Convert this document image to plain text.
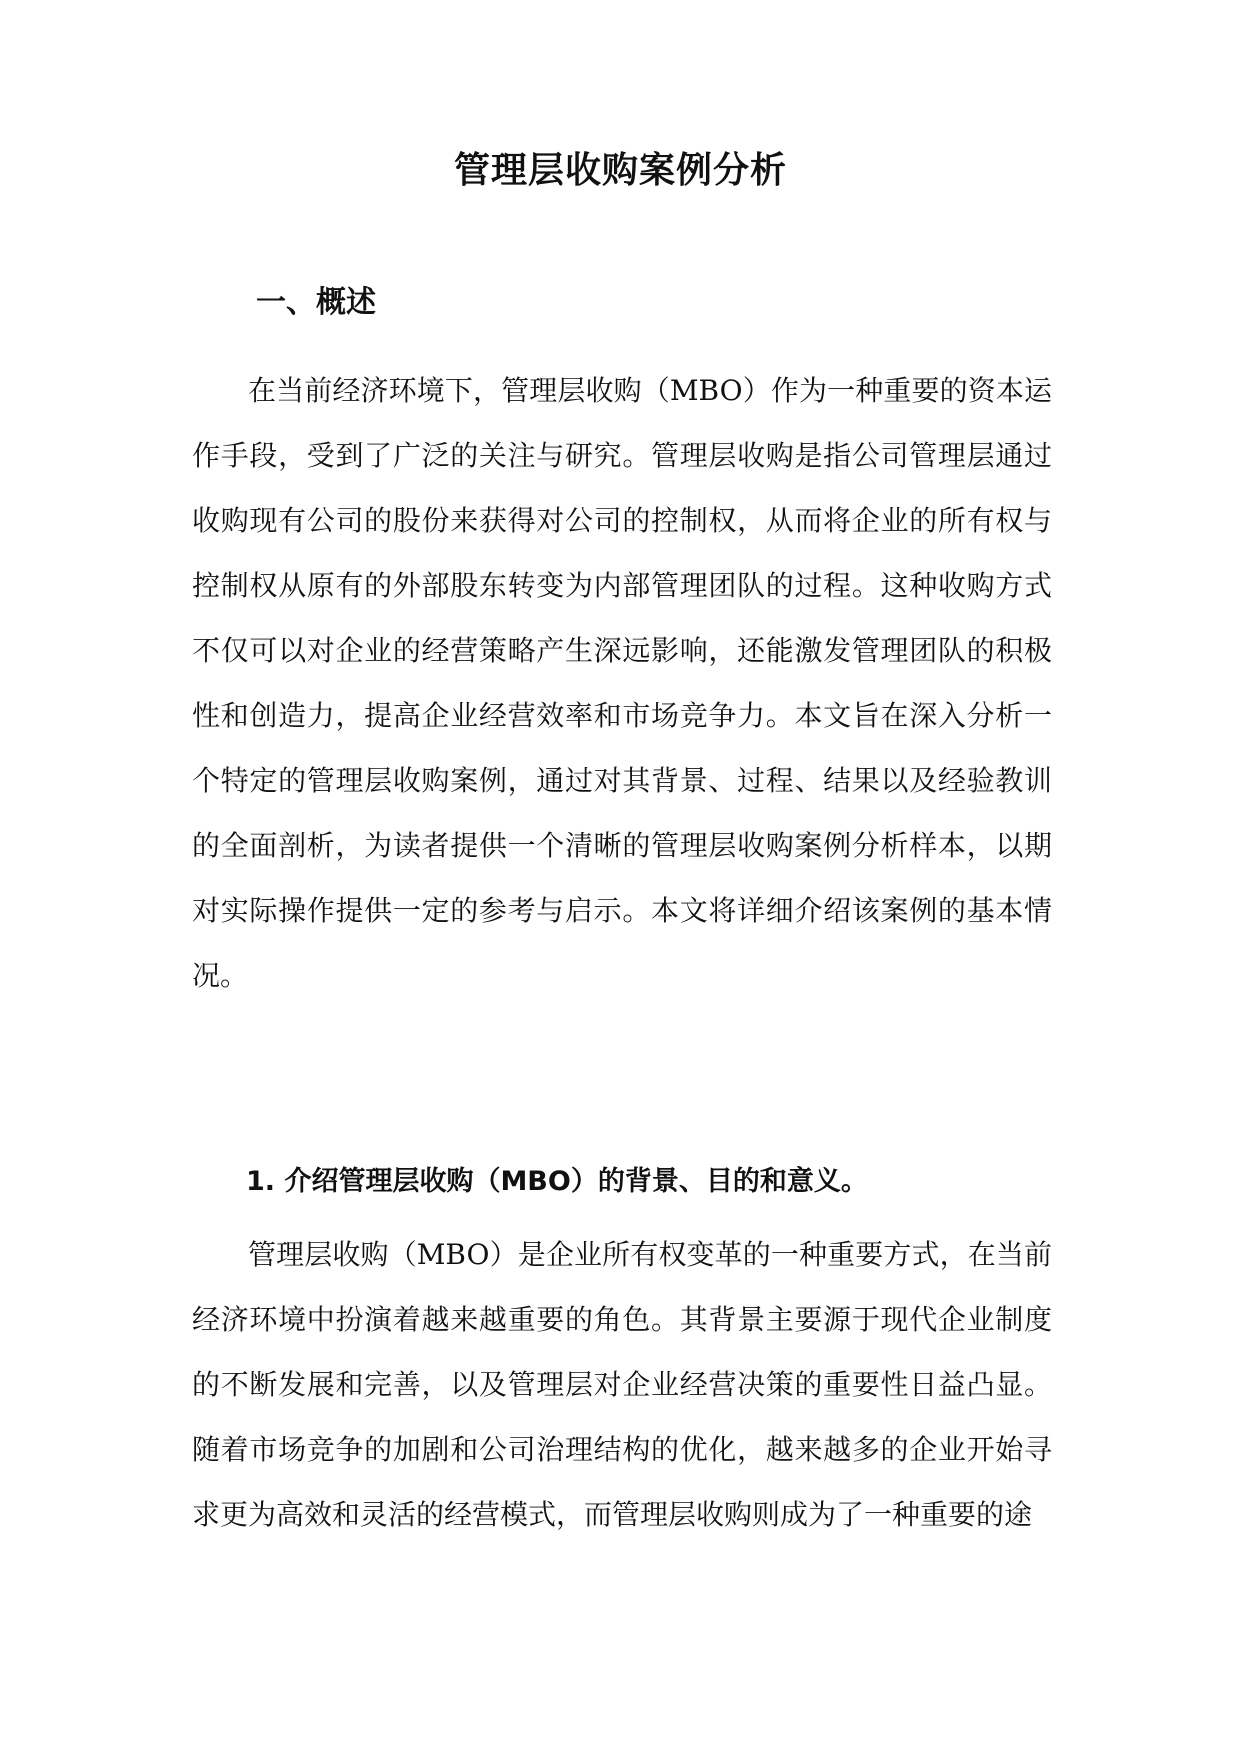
管理层收购案例分析
一、概述

在当前经济环境下，管理层收购（MBO）作为一种重要的资本运作手段，受到了广泛的关注与研究。管理层收购是指公司管理层通过收购现有公司的股份来获得对公司的控制权，从而将企业的所有权与控制权从原有的外部股东转变为内部管理团队的过程。这种收购方式不仅可以对企业的经营策略产生深远影响，还能激发管理团队的积极性和创造力，提高企业经营效率和市场竞争力。本文旨在深入分析一个特定的管理层收购案例，通过对其背景、过程、结果以及经验教训的全面剖析，为读者提供一个清晰的管理层收购案例分析样本，以期对实际操作提供一定的参考与启示。本文将详细介绍该案例的基本情况。

1. 介绍管理层收购（MBO）的背景、目的和意义。

管理层收购（MBO）是企业所有权变革的一种重要方式，在当前经济环境中扮演着越来越重要的角色。其背景主要源于现代企业制度的不断发展和完善，以及管理层对企业经营决策的重要性日益凸显。随着市场竞争的加剧和公司治理结构的优化，越来越多的企业开始寻求更为高效和灵活的经营模式，而管理层收购则成为了一种重要的途
